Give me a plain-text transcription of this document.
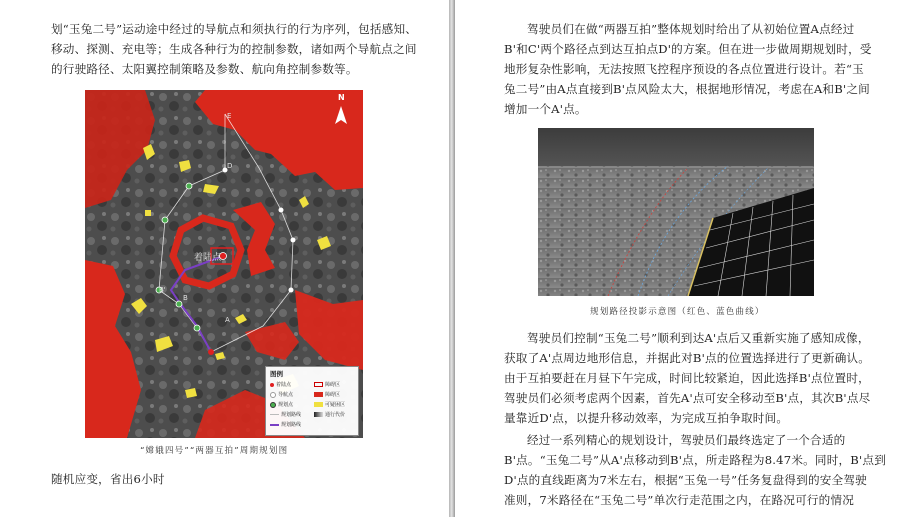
划“玉兔二号”运动途中经过的导航点和须执行的行为序列，包括感知、
移动、探测、充电等；生成各种行为的控制参数，诸如两个导航点之间
的行驶路径、太阳翼控制策略及参数、航向角控制参数等。

N
E
D
B'
B
A
着陆点
图例
着陆点	障碍区
导航点	障碍区
规划点	可疑困区
规划路线	通行代价
规划路线
“嫦娥四号”“两器互拍”周期规划图

随机应变，省出6小时

驾驶员们在做“两器互拍”整体规划时给出了从初始位置A点经过
B'和C'两个路径点到达互拍点D'的方案。但在进一步做周期规划时，受
地形复杂性影响，无法按照飞控程序预设的各点位置进行设计。若“玉
兔二号”由A点直接到B'点风险太大，根据地形情况，考虑在A和B'之间
增加一个A'点。

规划路径投影示意图（红色、蓝色曲线）

驾驶员们控制“玉兔二号”顺利到达A'点后又重新实施了感知成像，
获取了A'点周边地形信息，并据此对B'点的位置选择进行了更新确认。
由于互拍要赶在月昼下午完成，时间比较紧迫，因此选择B'点位置时，
驾驶员们必须考虑两个因素，首先A'点可安全移动至B'点，其次B'点尽
量靠近D'点，以提升移动效率，为完成互拍争取时间。

经过一系列精心的规划设计，驾驶员们最终选定了一个合适的
B'点。“玉兔二号”从A'点移动到B'点，所走路程为8.47米。同时，B'点到
D'点的直线距离为7米左右，根据“玉兔一号”任务复盘得到的安全驾驶
准则，7米路径在“玉兔二号”单次行走范围之内，在路况可行的情况
